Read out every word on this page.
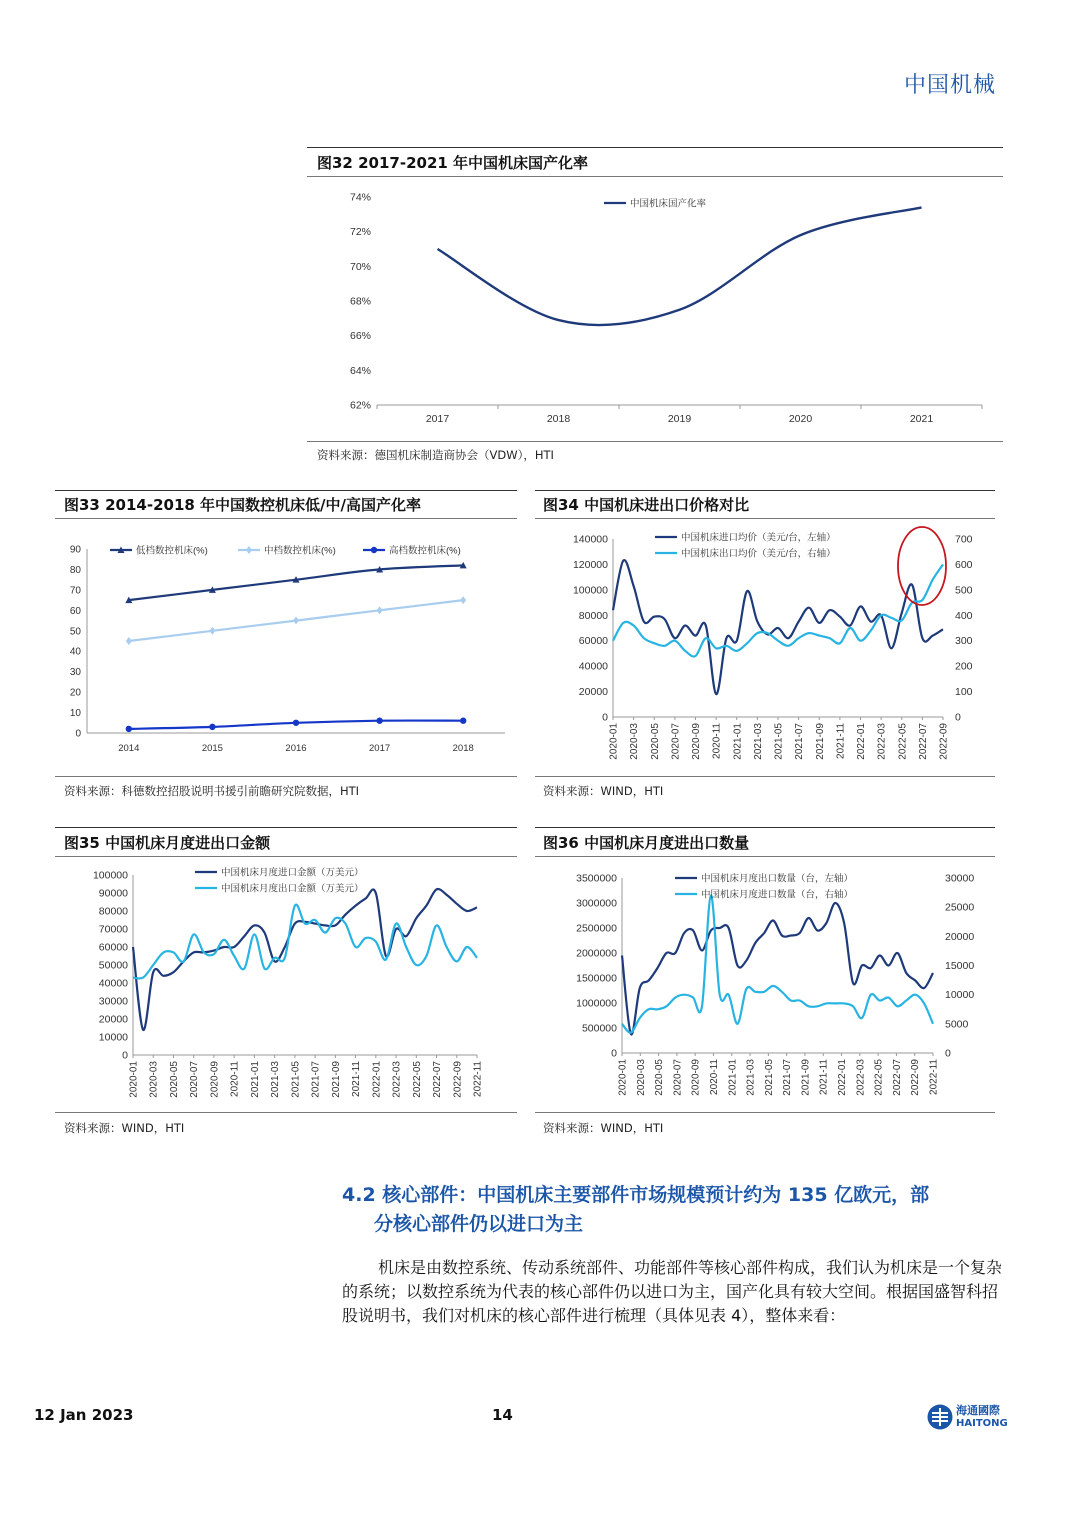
中国机械
图32 2017-2021 年中国机床国产化率
62%
64%
66%
68%
70%
72%
74%
2017	2018	2019	2020	2021
中国机床国产化率
资料来源：德国机床制造商协会（VDW），HTI
图33 2014-2018 年中国数控机床低/中/高国产化率
0
10
20
30
40
50
60
70
80
90
2014	2015	2016	2017	2018
低档数控机床(%)	中档数控机床(%)	高档数控机床(%)
资料来源：科德数控招股说明书援引前瞻研究院数据，HTI
图34 中国机床进出口价格对比
0
20000
40000
60000
80000
100000
120000
140000
0
100
200
300
400
500
600
700
2020-01 2020-03 2020-05 2020-07 2020-09 2020-11 2021-01 2021-03 2021-05 2021-07 2021-09 2021-11 2022-01 2022-03 2022-05 2022-07 2022-09
中国机床进口均价（美元/台，左轴）
中国机床出口均价（美元/台，右轴）
资料来源：WIND，HTI
图35 中国机床月度进出口金额
0
10000
20000
30000
40000
50000
60000
70000
80000
90000
100000
2020-01 2020-03 2020-05 2020-07 2020-09 2020-11 2021-01 2021-03 2021-05 2021-07 2021-09 2021-11 2022-01 2022-03 2022-05 2022-07 2022-09 2022-11
中国机床月度进口金额（万美元）
中国机床月度出口金额（万美元）
资料来源：WIND，HTI
图36 中国机床月度进出口数量
0
500000
1000000
1500000
2000000
2500000
3000000
3500000
0
5000
10000
15000
20000
25000
30000
2020-01 2020-03 2020-05 2020-07 2020-09 2020-11 2021-01 2021-03 2021-05 2021-07 2021-09 2021-11 2022-01 2022-03 2022-05 2022-07 2022-09 2022-11
中国机床月度出口数量（台，左轴）
中国机床月度进口数量（台，右轴）
资料来源：WIND，HTI
4.2 核心部件：中国机床主要部件市场规模预计约为 135 亿欧元，部
分核心部件仍以进口为主
机床是由数控系统、传动系统部件、功能部件等核心部件构成，我们认为机床是一个复杂的系统；以数控系统为代表的核心部件仍以进口为主，国产化具有较大空间。根据国盛智科招股说明书，我们对机床的核心部件进行梳理（具体见表 4），整体来看：
12 Jan 2023	14	海通國際
HAITONG
